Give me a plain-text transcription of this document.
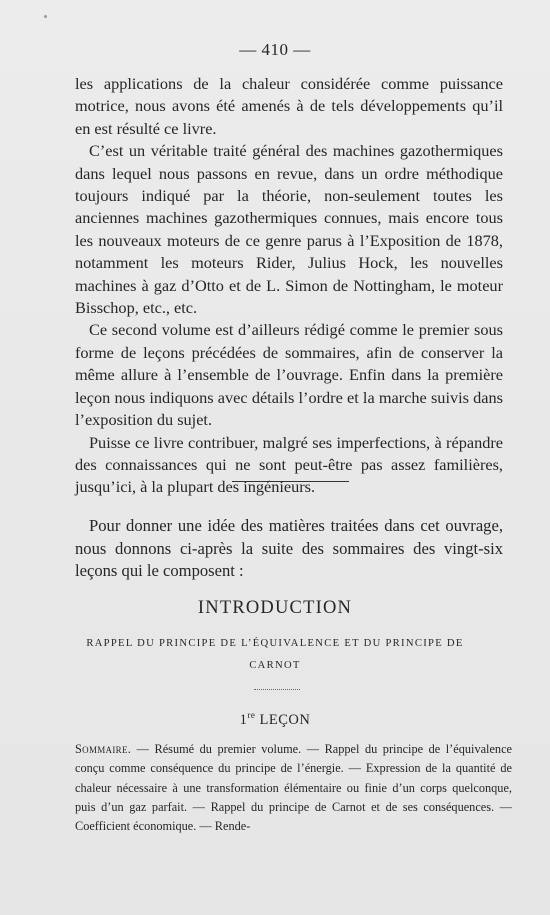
— 410 —

les applications de la chaleur considérée comme puissance motrice, nous avons été amenés à de tels développements qu’il en est résulté ce livre.

C’est un véritable traité général des machines gazothermiques dans lequel nous passons en revue, dans un ordre méthodique toujours indiqué par la théorie, non-seulement toutes les anciennes machines gazothermiques connues, mais encore tous les nouveaux moteurs de ce genre parus à l’Exposition de 1878, notamment les moteurs Rider, Julius Hock, les nouvelles machines à gaz d’Otto et de L. Simon de Nottingham, le moteur Bisschop, etc., etc.

Ce second volume est d’ailleurs rédigé comme le premier sous forme de leçons précédées de sommaires, afin de conserver la même allure à l’ensemble de l’ouvrage. Enfin dans la première leçon nous indiquons avec détails l’ordre et la marche suivis dans l’exposition du sujet.

Puisse ce livre contribuer, malgré ses imperfections, à répandre des connaissances qui ne sont peut-être pas assez familières, jusqu’ici, à la plupart des ingénieurs.

Pour donner une idée des matières traitées dans cet ouvrage, nous donnons ci-après la suite des sommaires des vingt-six leçons qui le composent :

INTRODUCTION
RAPPEL DU PRINCIPE DE L’ÉQUIVALENCE ET DU PRINCIPE DE CARNOT
1re LEÇON
Sommaire. — Résumé du premier volume. — Rappel du principe de l’équivalence conçu comme conséquence du principe de l’énergie. — Expression de la quantité de chaleur nécessaire à une transformation élémentaire ou finie d’un corps quelconque, puis d’un gaz parfait. — Rappel du principe de Carnot et de ses conséquences. — Coefficient économique. — Rende-
